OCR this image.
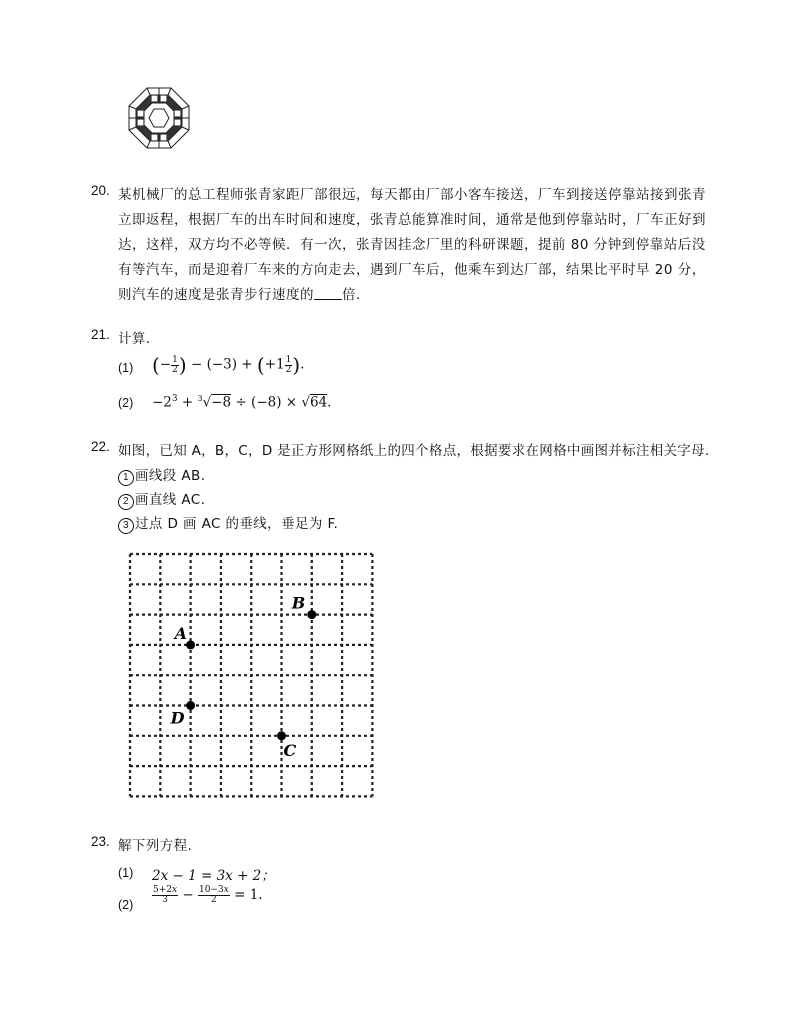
20. 某机械厂的总工程师张青家距厂部很远，每天都由厂部小客车接送，厂车到接送停靠站接到张青
立即返程，根据厂车的出车时间和速度，张青总能算准时间，通常是他到停靠站时，厂车正好到
达，这样，双方均不必等候．有一次，张青因挂念厂里的科研课题，提前 80 分钟到停靠站后没
有等汽车，而是迎着厂车来的方向走去，遇到厂车后，他乘车到达厂部，结果比平时早 20 分，
则汽车的速度是张青步行速度的 倍.
21. 计算.
(1) (− $\frac{1}{2}$ ) − $(-3) + (+1 \frac{1}{2}$ ).
$(2) -2^3 + ^3√-8 \div (-8) \times √64$.
22. 如图，已知 A，B，C，D 是正方形网格纸上的四个格点，根据要求在网格中画图并标注相关字母.
1 画线段 AB.
2 画直线 AC.
3 过点 D 画 AC 的垂线，垂足为 F.
A
B
C
D
23. 解下列方程.
(1) 2x − 1 = 3x + 2；
$(2) \frac{5+2x}{3} - \frac{10-3x}{2} = 1$.
